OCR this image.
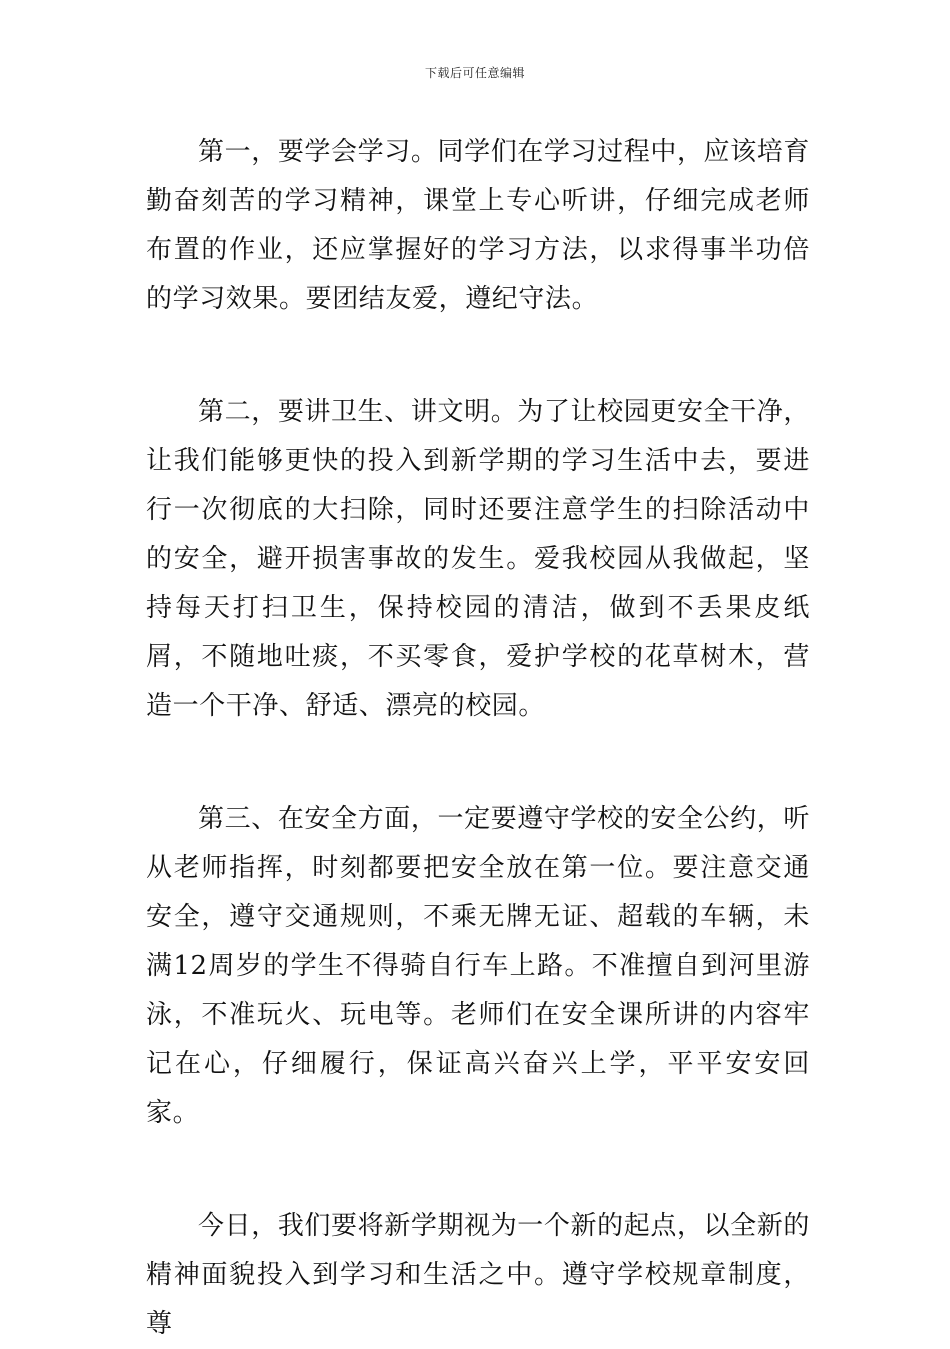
下载后可任意编辑

第一，要学会学习。同学们在学习过程中，应该培育勤奋刻苦的学习精神，课堂上专心听讲，仔细完成老师布置的作业，还应掌握好的学习方法，以求得事半功倍的学习效果。要团结友爱，遵纪守法。

第二，要讲卫生、讲文明。为了让校园更安全干净，让我们能够更快的投入到新学期的学习生活中去，要进行一次彻底的大扫除，同时还要注意学生的扫除活动中的安全，避开损害事故的发生。爱我校园从我做起，坚持每天打扫卫生，保持校园的清洁，做到不丢果皮纸屑，不随地吐痰，不买零食，爱护学校的花草树木，营造一个干净、舒适、漂亮的校园。

第三、在安全方面，一定要遵守学校的安全公约，听从老师指挥，时刻都要把安全放在第一位。要注意交通安全，遵守交通规则，不乘无牌无证、超载的车辆，未满12周岁的学生不得骑自行车上路。不准擅自到河里游泳，不准玩火、玩电等。老师们在安全课所讲的内容牢记在心，仔细履行，保证高兴奋兴上学，平平安安回家。

今日，我们要将新学期视为一个新的起点，以全新的精神面貌投入到学习和生活之中。遵守学校规章制度，尊
